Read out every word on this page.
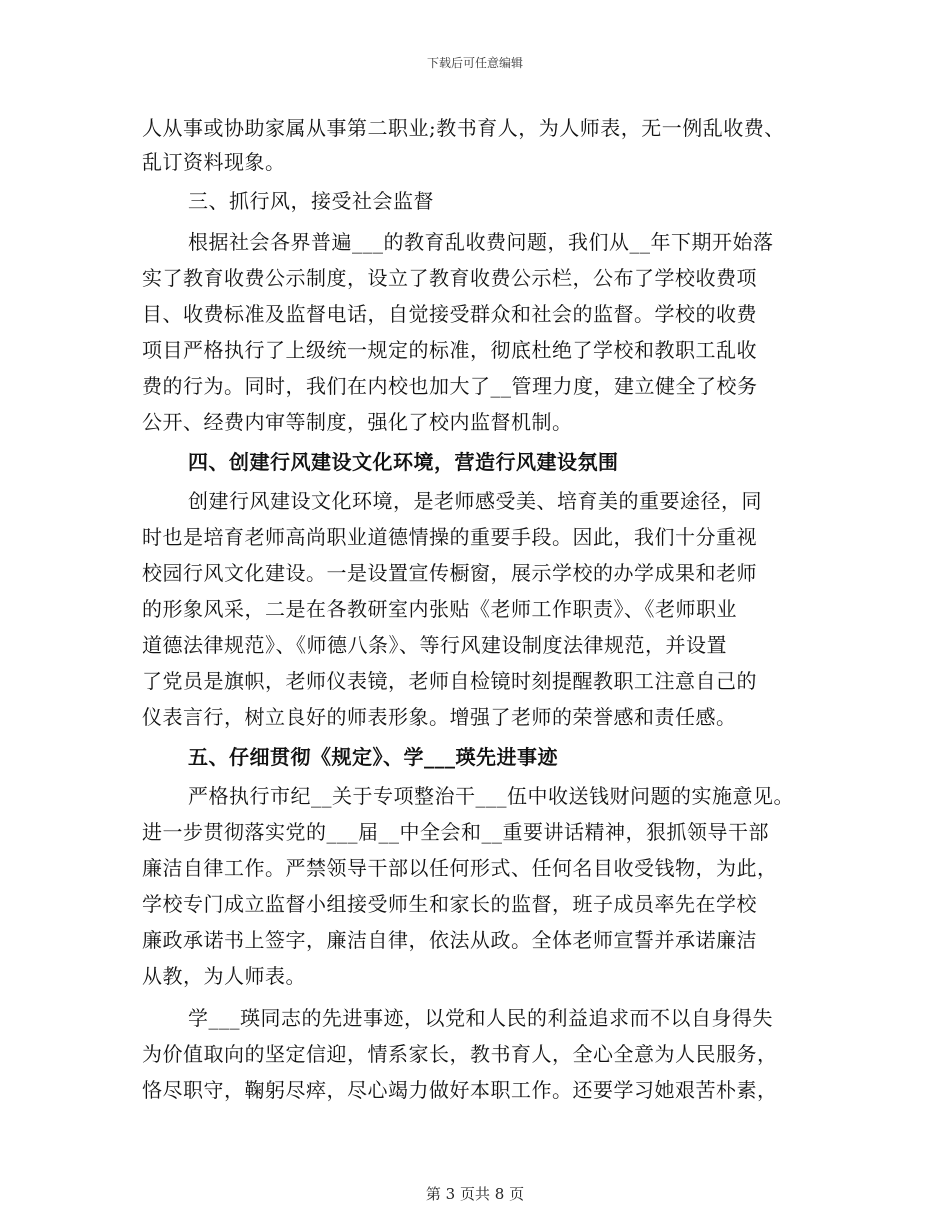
下载后可任意编辑
人从事或协助家属从事第二职业;教书育人，为人师表，无一例乱收费、
乱订资料现象。
三、抓行风，接受社会监督
根据社会各界普遍___的教育乱收费问题，我们从__年下期开始落
实了教育收费公示制度，设立了教育收费公示栏，公布了学校收费项
目、收费标准及监督电话，自觉接受群众和社会的监督。学校的收费
项目严格执行了上级统一规定的标准，彻底杜绝了学校和教职工乱收
费的行为。同时，我们在内校也加大了__管理力度，建立健全了校务
公开、经费内审等制度，强化了校内监督机制。
四、创建行风建设文化环境，营造行风建设氛围
创建行风建设文化环境，是老师感受美、培育美的重要途径，同
时也是培育老师高尚职业道德情操的重要手段。因此，我们十分重视
校园行风文化建设。一是设置宣传橱窗，展示学校的办学成果和老师
的形象风采，二是在各教研室内张贴《老师工作职责》、《老师职业
道德法律规范》、《师德八条》、等行风建设制度法律规范，并设置
了党员是旗帜，老师仪表镜，老师自检镜时刻提醒教职工注意自己的
仪表言行，树立良好的师表形象。增强了老师的荣誉感和责任感。
五、仔细贯彻《规定》、学___瑛先进事迹
严格执行市纪__关于专项整治干___伍中收送钱财问题的实施意见。
进一步贯彻落实党的___届__中全会和__重要讲话精神，狠抓领导干部
廉洁自律工作。严禁领导干部以任何形式、任何名目收受钱物，为此，
学校专门成立监督小组接受师生和家长的监督，班子成员率先在学校
廉政承诺书上签字，廉洁自律，依法从政。全体老师宣誓并承诺廉洁
从教，为人师表。
学___瑛同志的先进事迹，以党和人民的利益追求而不以自身得失
为价值取向的坚定信迎，情系家长，教书育人，全心全意为人民服务，
恪尽职守，鞠躬尽瘁，尽心竭力做好本职工作。还要学习她艰苦朴素，
第 3 页共 8 页
